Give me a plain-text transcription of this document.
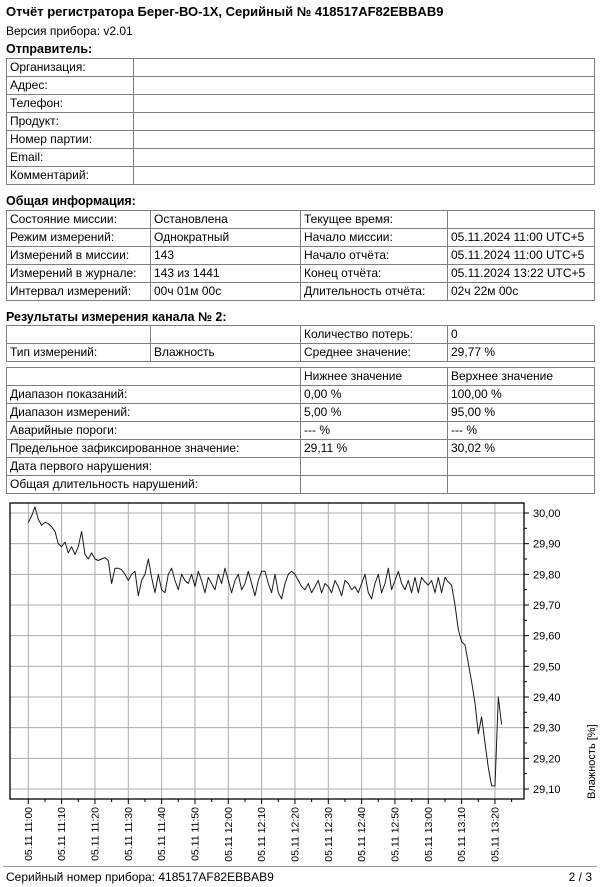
Отчёт регистратора Берег-ВО-1Х, Серийный № 418517AF82EBBAB9
Версия прибора: v2.01
Отправитель:
Организация:	
Адрес:	
Телефон:	
Продукт:	
Номер партии:	
Email:	
Комментарий:	
Общая информация:
Состояние миссии:	Остановлена	Текущее время:	
Режим измерений:	Однократный	Начало миссии:	05.11.2024 11:00 UTC+5
Измерений в миссии:	143	Начало отчёта:	05.11.2024 11:00 UTC+5
Измерений в журнале:	143 из 1441	Конец отчёта:	05.11.2024 13:22 UTC+5
Интервал измерений:	00ч 01м 00с	Длительность отчёта:	02ч 22м 00с
Результаты измерения канала № 2:
		Количество потерь:	0
Тип измерений:	Влажность	Среднее значение:	29,77 %
	Нижнее значение	Верхнее значение
Диапазон показаний:	0,00 %	100,00 %
Диапазон измерений:	5,00 %	95,00 %
Аварийные пороги:	--- %	--- %
Предельное зафиксированное значение:	29,11 %	30,02 %
Дата первого нарушения:		
Общая длительность нарушений:		
30,00
29,90
29,80
29,70
29,60
29,50
29,40
29,30
29,20
29,10
05.11 11:00 05.11 11:10 05.11 11:20 05.11 11:30 05.11 11:40 05.11 11:50 05.11 12:00 05.11 12:10 05.11 12:20 05.11 12:30 05.11 12:40 05.11 12:50 05.11 13:00 05.11 13:10 05.11 13:20
Влажность [%]
Серийный номер прибора: 418517AF82EBBAB9	2 / 3
